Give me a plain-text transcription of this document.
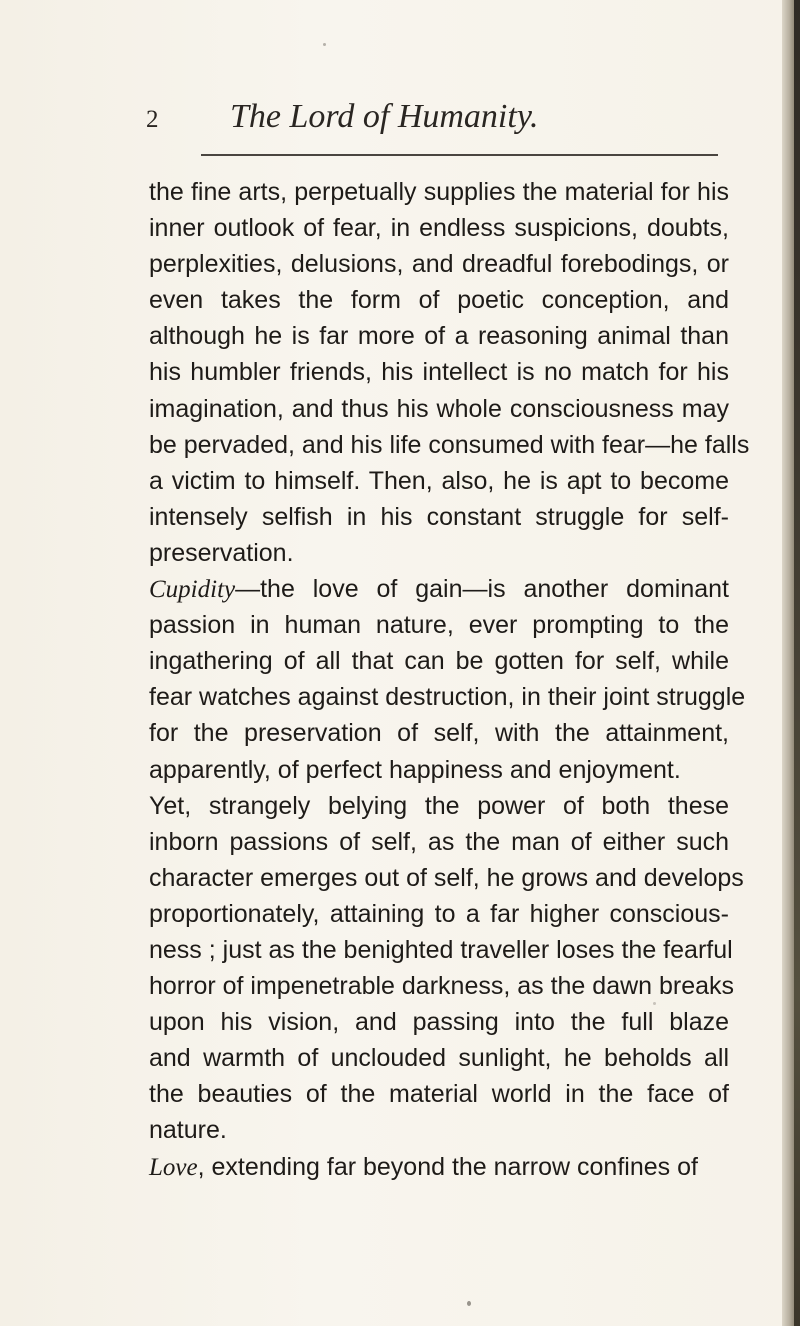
2 The Lord of Humanity.
the fine arts, perpetually supplies the material for his
inner outlook of fear, in endless suspicions, doubts,
perplexities, delusions, and dreadful forebodings, or
even takes the form of poetic conception, and
although he is far more of a reasoning animal than
his humbler friends, his intellect is no match for his
imagination, and thus his whole consciousness may
be pervaded, and his life consumed with fear—he falls
a victim to himself. Then, also, he is apt to become
intensely selfish in his constant struggle for self-
preservation.
Cupidity—the love of gain—is another dominant
passion in human nature, ever prompting to the
ingathering of all that can be gotten for self, while
fear watches against destruction, in their joint struggle
for the preservation of self, with the attainment,
apparently, of perfect happiness and enjoyment.
Yet, strangely belying the power of both these
inborn passions of self, as the man of either such
character emerges out of self, he grows and develops
proportionately, attaining to a far higher conscious-
ness ; just as the benighted traveller loses the fearful
horror of impenetrable darkness, as the dawn breaks
upon his vision, and passing into the full blaze
and warmth of unclouded sunlight, he beholds all
the beauties of the material world in the face of
nature.
Love, extending far beyond the narrow confines of
